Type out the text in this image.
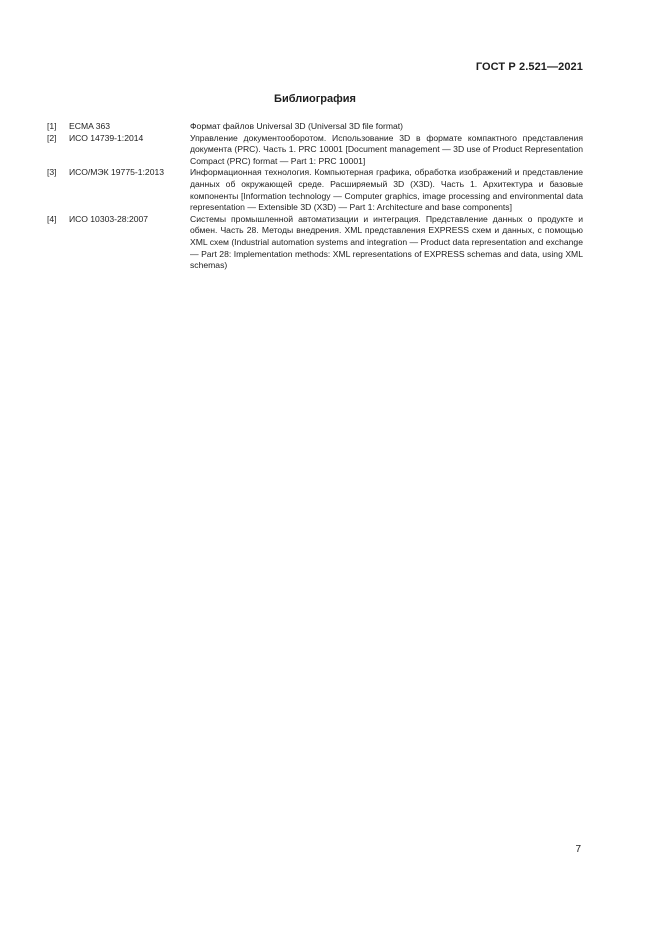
ГОСТ Р 2.521—2021
Библиография
[1]	ECMA 363	Формат файлов Universal 3D (Universal 3D file format)
[2]	ИСО 14739-1:2014	Управление документооборотом. Использование 3D в формате компактного представления документа (PRC). Часть 1. PRC 10001 [Document management — 3D use of Product Representation Compact (PRC) format — Part 1: PRC 10001]
[3]	ИСО/МЭК 19775-1:2013	Информационная технология. Компьютерная графика, обработка изображений и представление данных об окружающей среде. Расширяемый 3D (X3D). Часть 1. Архитектура и базовые компоненты [Information technology — Computer graphics, image processing and environmental data representation — Extensible 3D (X3D) — Part 1: Architecture and base components]
[4]	ИСО 10303-28:2007	Системы промышленной автоматизации и интеграция. Представление данных о продукте и обмен. Часть 28. Методы внедрения. XML представления EXPRESS схем и данных, с помощью XML схем (Industrial automation systems and integration — Product data representation and exchange — Part 28: Implementation methods: XML representations of EXPRESS schemas and data, using XML schemas)
7
